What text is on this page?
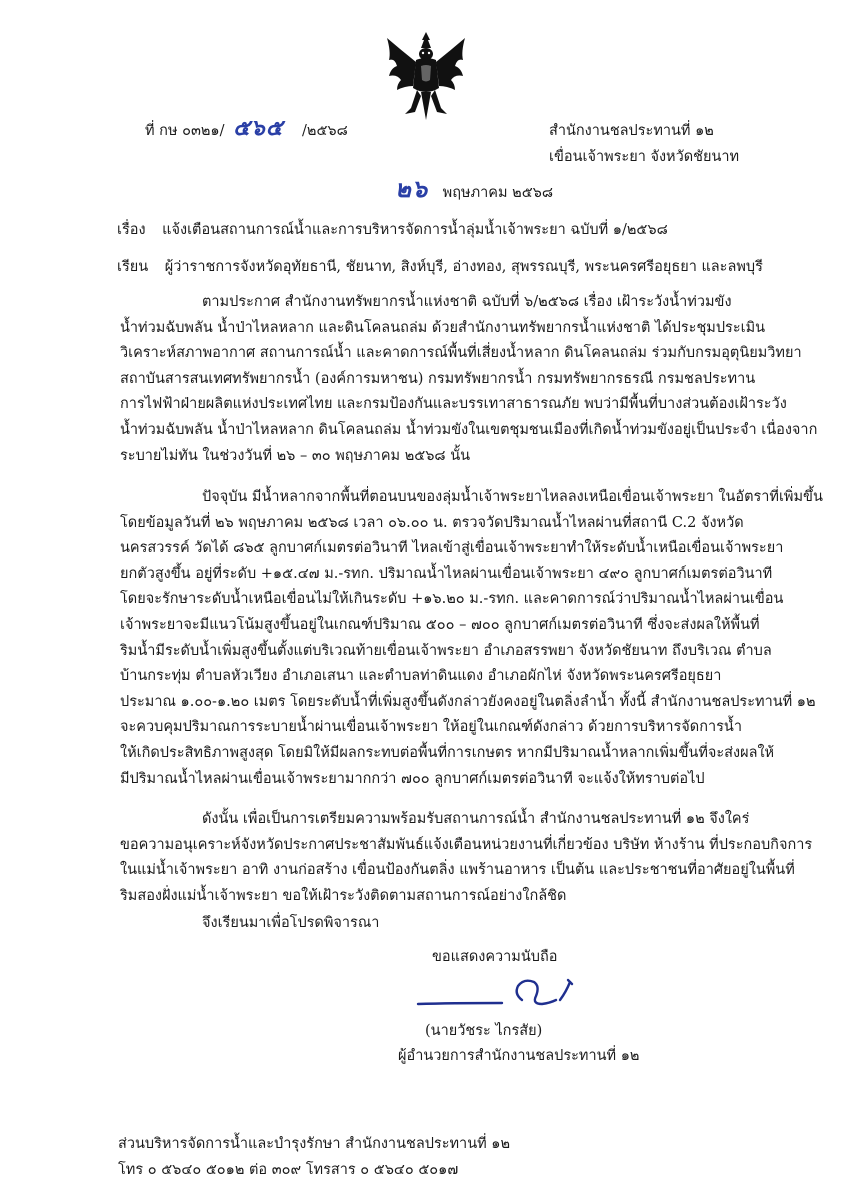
ที่ กษ ๐๓๒๑/ ๕๖๕ /๒๕๖๘	สำนักงานชลประทานที่ ๑๒
เขื่อนเจ้าพระยา จังหวัดชัยนาท
๒๖ พฤษภาคม ๒๕๖๘
เรื่อง แจ้งเตือนสถานการณ์น้ำและการบริหารจัดการน้ำลุ่มน้ำเจ้าพระยา ฉบับที่ ๑/๒๕๖๘
เรียน ผู้ว่าราชการจังหวัดอุทัยธานี, ชัยนาท, สิงห์บุรี, อ่างทอง, สุพรรณบุรี, พระนครศรีอยุธยา และลพบุรี
ตามประกาศ สำนักงานทรัพยากรน้ำแห่งชาติ ฉบับที่ ๖/๒๕๖๘ เรื่อง เฝ้าระวังน้ำท่วมขัง
น้ำท่วมฉับพลัน น้ำป่าไหลหลาก และดินโคลนถล่ม ด้วยสำนักงานทรัพยากรน้ำแห่งชาติ ได้ประชุมประเมิน
วิเคราะห์สภาพอากาศ สถานการณ์น้ำ และคาดการณ์พื้นที่เสี่ยงน้ำหลาก ดินโคลนถล่ม ร่วมกับกรมอุตุนิยมวิทยา
สถาบันสารสนเทศทรัพยากรน้ำ (องค์การมหาชน) กรมทรัพยากรน้ำ กรมทรัพยากรธรณี กรมชลประทาน
การไฟฟ้าฝ่ายผลิตแห่งประเทศไทย และกรมป้องกันและบรรเทาสาธารณภัย พบว่ามีพื้นที่บางส่วนต้องเฝ้าระวัง
น้ำท่วมฉับพลัน น้ำป่าไหลหลาก ดินโคลนถล่ม น้ำท่วมขังในเขตชุมชนเมืองที่เกิดน้ำท่วมขังอยู่เป็นประจำ เนื่องจาก
ระบายไม่ทัน ในช่วงวันที่ ๒๖ – ๓๐ พฤษภาคม ๒๕๖๘ นั้น
ปัจจุบัน มีน้ำหลากจากพื้นที่ตอนบนของลุ่มน้ำเจ้าพระยาไหลลงเหนือเขื่อนเจ้าพระยา ในอัตราที่เพิ่มขึ้น
โดยข้อมูลวันที่ ๒๖ พฤษภาคม ๒๕๖๘ เวลา ๐๖.๐๐ น. ตรวจวัดปริมาณน้ำไหลผ่านที่สถานี C.2 จังหวัด
นครสวรรค์ วัดได้ ๘๖๕ ลูกบาศก์เมตรต่อวินาที ไหลเข้าสู่เขื่อนเจ้าพระยาทำให้ระดับน้ำเหนือเขื่อนเจ้าพระยา
ยกตัวสูงขึ้น อยู่ที่ระดับ +๑๕.๔๗ ม.-รทก. ปริมาณน้ำไหลผ่านเขื่อนเจ้าพระยา ๔๙๐ ลูกบาศก์เมตรต่อวินาที
โดยจะรักษาระดับน้ำเหนือเขื่อนไม่ให้เกินระดับ +๑๖.๒๐ ม.-รทก. และคาดการณ์ว่าปริมาณน้ำไหลผ่านเขื่อน
เจ้าพระยาจะมีแนวโน้มสูงขึ้นอยู่ในเกณฑ์ปริมาณ ๕๐๐ – ๗๐๐ ลูกบาศก์เมตรต่อวินาที ซึ่งจะส่งผลให้พื้นที่
ริมน้ำมีระดับน้ำเพิ่มสูงขึ้นตั้งแต่บริเวณท้ายเขื่อนเจ้าพระยา อำเภอสรรพยา จังหวัดชัยนาท ถึงบริเวณ ตำบล
บ้านกระทุ่ม ตำบลหัวเวียง อำเภอเสนา และตำบลท่าดินแดง อำเภอผักไห่ จังหวัดพระนครศรีอยุธยา
ประมาณ ๑.๐๐-๑.๒๐ เมตร โดยระดับน้ำที่เพิ่มสูงขึ้นดังกล่าวยังคงอยู่ในตลิ่งลำน้ำ ทั้งนี้ สำนักงานชลประทานที่ ๑๒
จะควบคุมปริมาณการระบายน้ำผ่านเขื่อนเจ้าพระยา ให้อยู่ในเกณฑ์ดังกล่าว ด้วยการบริหารจัดการน้ำ
ให้เกิดประสิทธิภาพสูงสุด โดยมิให้มีผลกระทบต่อพื้นที่การเกษตร หากมีปริมาณน้ำหลากเพิ่มขึ้นที่จะส่งผลให้
มีปริมาณน้ำไหลผ่านเขื่อนเจ้าพระยามากกว่า ๗๐๐ ลูกบาศก์เมตรต่อวินาที จะแจ้งให้ทราบต่อไป
ดังนั้น เพื่อเป็นการเตรียมความพร้อมรับสถานการณ์น้ำ สำนักงานชลประทานที่ ๑๒ จึงใคร่
ขอความอนุเคราะห์จังหวัดประกาศประชาสัมพันธ์แจ้งเตือนหน่วยงานที่เกี่ยวข้อง บริษัท ห้างร้าน ที่ประกอบกิจการ
ในแม่น้ำเจ้าพระยา อาทิ งานก่อสร้าง เขื่อนป้องกันตลิ่ง แพร้านอาหาร เป็นต้น และประชาชนที่อาศัยอยู่ในพื้นที่
ริมสองฝั่งแม่น้ำเจ้าพระยา ขอให้เฝ้าระวังติดตามสถานการณ์อย่างใกล้ชิด
จึงเรียนมาเพื่อโปรดพิจารณา
ขอแสดงความนับถือ
(นายวัชระ ไกรสัย)
ผู้อำนวยการสำนักงานชลประทานที่ ๑๒
ส่วนบริหารจัดการน้ำและบำรุงรักษา สำนักงานชลประทานที่ ๑๒
โทร ๐ ๕๖๔๐ ๕๐๑๒ ต่อ ๓๐๙ โทรสาร ๐ ๕๖๔๐ ๕๐๑๗
